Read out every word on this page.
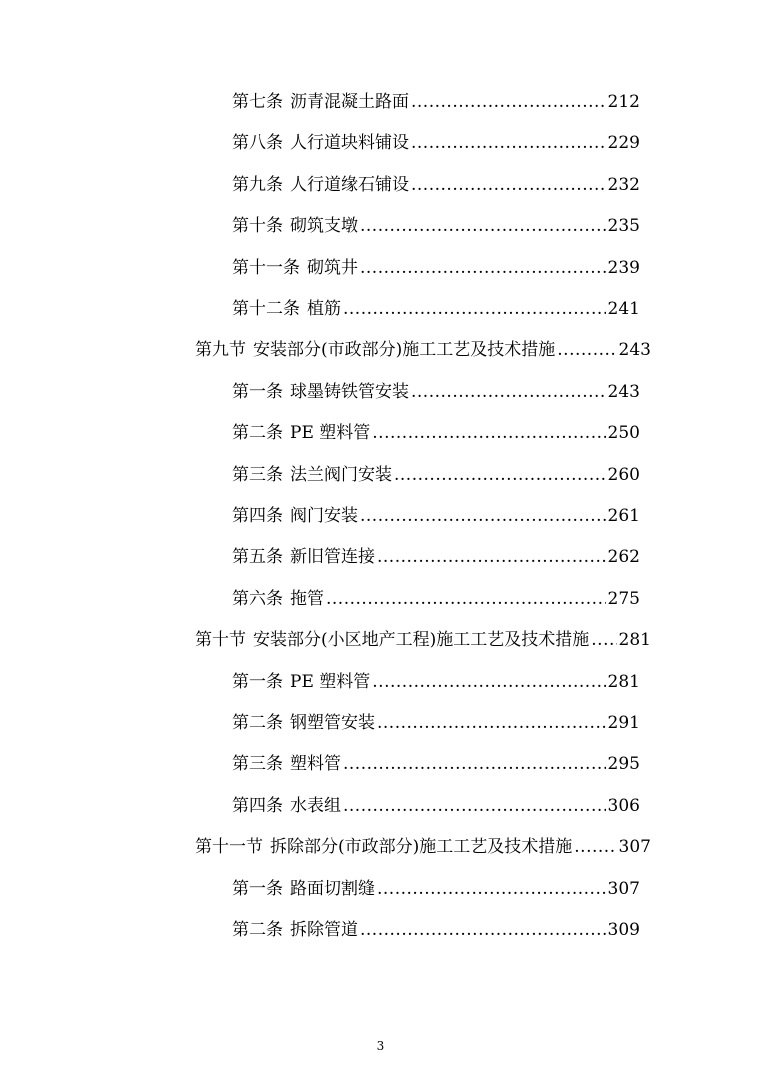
第七条 沥青混凝土路面 .....	212
第八条 人行道块料铺设 .....	229
第九条 人行道缘石铺设 .....	232
第十条 砌筑支墩 .....	235
第十一条 砌筑井 .....	239
第十二条 植筋 .....	241
第九节 安装部分(市政部分)施工工艺及技术措施 .....	243
第一条 球墨铸铁管安装 .....	243
第二条 PE 塑料管 .....	250
第三条 法兰阀门安装 .....	260
第四条 阀门安装 .....	261
第五条 新旧管连接 .....	262
第六条 拖管 .....	275
第十节 安装部分(小区地产工程)施工工艺及技术措施 ..... 281
第一条 PE 塑料管 .....	281
第二条 钢塑管安装 .....	291
第三条 塑料管 .....	295
第四条 水表组 .....	306
第十一节 拆除部分(市政部分)施工工艺及技术措施 .....	307
第一条 路面切割缝 .....	307
第二条 拆除管道 .....	309
3
